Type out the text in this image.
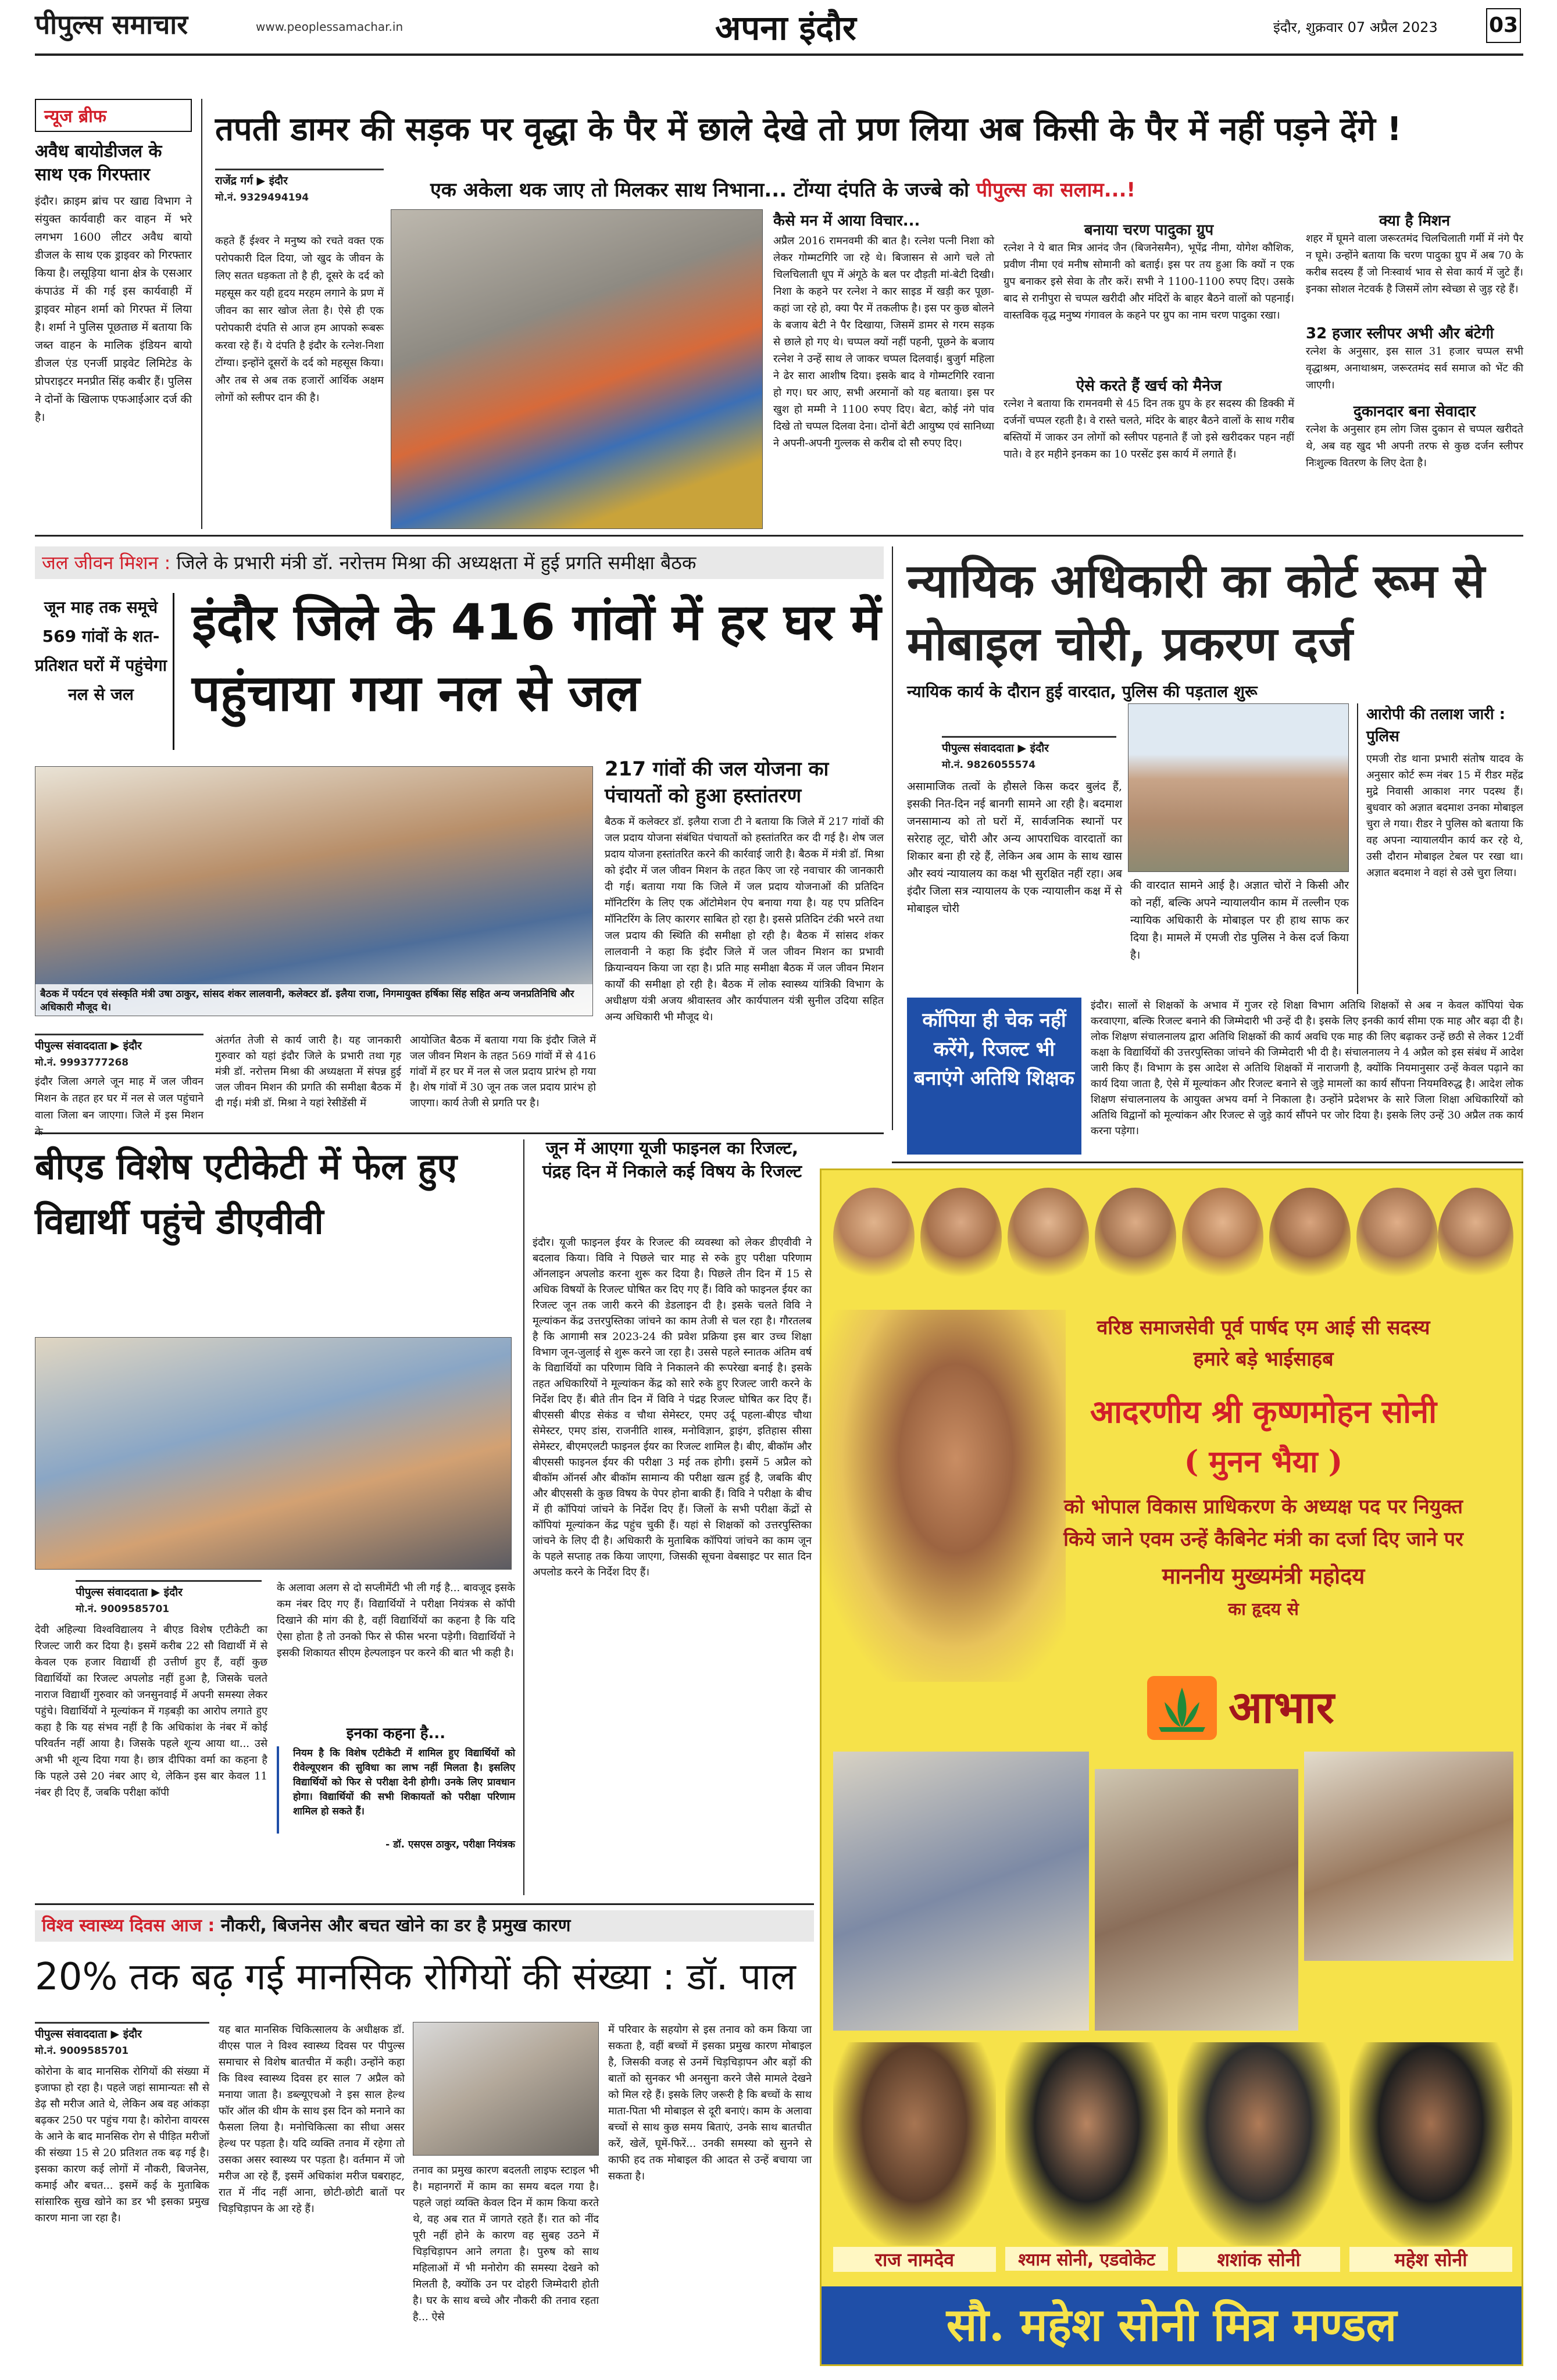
पीपुल्स समाचार	www.peoplessamachar.in	अपना इंदौर	इंदौर, शुक्रवार 07 अप्रैल 2023 03
न्यूज ब्रीफ
अवैध बायोडीजल के साथ एक गिरफ्तार
इंदौर। क्राइम ब्रांच पर खाद्य विभाग ने संयुक्त कार्यवाही कर वाहन में भरे लगभग 1600 लीटर अवैध बायो डीजल के साथ एक ड्राइवर को गिरफ्तार किया है। लसूड़िया थाना क्षेत्र के एसआर कंपाउंड में की गई इस कार्यवाही में ड्राइवर मोहन शर्मा को गिरफ्त में लिया है। शर्मा ने पुलिस पूछताछ में बताया कि जब्त वाहन के मालिक इंडियन बायो डीजल एंड एनर्जी प्राइवेट लिमिटेड के प्रोपराइटर मनप्रीत सिंह कबीर हैं। पुलिस ने दोनों के खिलाफ एफआईआर दर्ज की है।
तपती डामर की सड़क पर वृद्धा के पैर में छाले देखे तो प्रण लिया अब किसी के पैर में नहीं पड़ने देंगे !
राजेंद्र गर्ग ▶ इंदौर
मो.नं. 9329494194	एक अकेला थक जाए तो मिलकर साथ निभाना... टोंग्या दंपति के जज्बे को पीपुल्स का सलाम...!
कहते हैं ईश्वर ने मनुष्य को रचते वक्त एक परोपकारी दिल दिया, जो खुद के जीवन के लिए सतत धड़कता तो है ही, दूसरे के दर्द को महसूस कर यही हृदय मरहम लगाने के प्रण में जीवन का सार खोज लेता है। ऐसे ही एक परोपकारी दंपति से आज हम आपको रूबरू करवा रहे हैं। ये दंपति है इंदौर के रत्नेश-निशा टोंग्या। इन्होंने दूसरों के दर्द को महसूस किया। और तब से अब तक हजारों आर्थिक अक्षम लोगों को स्लीपर दान की है।
कैसे मन में आया विचार...
अप्रैल 2016 रामनवमी की बात है। रत्नेश पत्नी निशा को लेकर गोम्मटगिरि जा रहे थे। बिजासन से आगे चले तो चिलचिलाती धूप में अंगूठे के बल पर दौड़ती मां-बेटी दिखी। निशा के कहने पर रत्नेश ने कार साइड में खड़ी कर पूछा-कहां जा रहे हो, क्या पैर में तकलीफ है। इस पर कुछ बोलने के बजाय बेटी ने पैर दिखाया, जिसमें डामर से गरम सड़क से छाले हो गए थे। चप्पल क्यों नहीं पहनी, पूछने के बजाय रत्नेश ने उन्हें साथ ले जाकर चप्पल दिलवाई। बुजुर्ग महिला ने ढेर सारा आशीष दिया। इसके बाद वे गोम्मटगिरि रवाना हो गए। घर आए, सभी अरमानों को यह बताया। इस पर खुश हो मम्मी ने 1100 रुपए दिए। बेटा, कोई नंगे पांव दिखे तो चप्पल दिलवा देना। दोनों बेटी आयुष्य एवं सानिध्या ने अपनी-अपनी गुल्लक से करीब दो सौ रुपए दिए।
बनाया चरण पादुका ग्रुप
रत्नेश ने ये बात मित्र आनंद जैन (बिजनेसमैन), भूपेंद्र नीमा, योगेश कौशिक, प्रवीण नीमा एवं मनीष सोमानी को बताई। इस पर तय हुआ कि क्यों न एक ग्रुप बनाकर इसे सेवा के तौर करें। सभी ने 1100-1100 रुपए दिए। उसके बाद से रानीपुरा से चप्पल खरीदी और मंदिरों के बाहर बैठने वालों को पहनाई। वास्तविक वृद्ध मनुष्य गंगावल के कहने पर ग्रुप का नाम चरण पादुका रखा।
ऐसे करते हैं खर्च को मैनेज
रत्नेश ने बताया कि रामनवमी से 45 दिन तक ग्रुप के हर सदस्य की डिक्की में दर्जनों चप्पल रहती है। वे रास्ते चलते, मंदिर के बाहर बैठने वालों के साथ गरीब बस्तियों में जाकर उन लोगों को स्लीपर पहनाते हैं जो इसे खरीदकर पहन नहीं पाते। वे हर महीने इनकम का 10 परसेंट इस कार्य में लगाते हैं।
क्या है मिशन
शहर में घूमने वाला जरूरतमंद चिलचिलाती गर्मी में नंगे पैर न घूमे। उन्होंने बताया कि चरण पादुका ग्रुप में अब 70 के करीब सदस्य हैं जो निःस्वार्थ भाव से सेवा कार्य में जुटे हैं। इनका सोशल नेटवर्क है जिसमें लोग स्वेच्छा से जुड़ रहे हैं।
32 हजार स्लीपर अभी और बंटेगी
रत्नेश के अनुसार, इस साल 31 हजार चप्पल सभी वृद्धाश्रम, अनाथाश्रम, जरूरतमंद सर्व समाज को भेंट की जाएगी।
दुकानदार बना सेवादार
रत्नेश के अनुसार हम लोग जिस दुकान से चप्पल खरीदते थे, अब वह खुद भी अपनी तरफ से कुछ दर्जन स्लीपर निःशुल्क वितरण के लिए देता है।
जल जीवन मिशन : जिले के प्रभारी मंत्री डॉ. नरोत्तम मिश्रा की अध्यक्षता में हुई प्रगति समीक्षा बैठक
जून माह तक समूचे 569 गांवों के शत-प्रतिशत घरों में पहुंचेगा नल से जल
इंदौर जिले के 416 गांवों में हर घर में पहुंचाया गया नल से जल
बैठक में पर्यटन एवं संस्कृति मंत्री उषा ठाकुर, सांसद शंकर लालवानी, कलेक्टर डॉ. इलैया राजा, निगमायुक्त हर्षिका सिंह सहित अन्य जनप्रतिनिधि और अधिकारी मौजूद थे।
217 गांवों की जल योजना का पंचायतों को हुआ हस्तांतरण
बैठक में कलेक्टर डॉ. इलैया राजा टी ने बताया कि जिले में 217 गांवों की जल प्रदाय योजना संबंधित पंचायतों को हस्तांतरित कर दी गई है। शेष जल प्रदाय योजना हस्तांतरित करने की कार्रवाई जारी है। बैठक में मंत्री डॉ. मिश्रा को इंदौर में जल जीवन मिशन के तहत किए जा रहे नवाचार की जानकारी दी गई। बताया गया कि जिले में जल प्रदाय योजनाओं की प्रतिदिन मॉनिटरिंग के लिए एक ऑटोमेशन ऐप बनाया गया है। यह एप प्रतिदिन मॉनिटरिंग के लिए कारगर साबित हो रहा है। इससे प्रतिदिन टंकी भरने तथा जल प्रदाय की स्थिति की समीक्षा हो रही है। बैठक में सांसद शंकर लालवानी ने कहा कि इंदौर जिले में जल जीवन मिशन का प्रभावी क्रियान्वयन किया जा रहा है। प्रति माह समीक्षा बैठक में जल जीवन मिशन कार्यों की समीक्षा हो रही है। बैठक में लोक स्वास्थ्य यांत्रिकी विभाग के अधीक्षण यंत्री अजय श्रीवास्तव और कार्यपालन यंत्री सुनील उदिया सहित अन्य अधिकारी भी मौजूद थे।
पीपुल्स संवाददाता ▶ इंदौर
मो.नं. 9993777268
इंदौर जिला अगले जून माह में जल जीवन मिशन के तहत हर घर में नल से जल पहुंचाने वाला जिला बन जाएगा। जिले में इस मिशन
अंतर्गत तेजी से कार्य जारी है। यह जानकारी गुरुवार को यहां इंदौर जिले के प्रभारी तथा गृह मंत्री डॉ. नरोत्तम मिश्रा की अध्यक्षता में संपन्न हुई जल जीवन मिशन की प्रगति की समीक्षा बैठक में दी गई। मंत्री डॉ. मिश्रा ने यहां रेसीडेंसी में
आयोजित बैठक में बताया गया कि इंदौर जिले में जल जीवन मिशन के तहत 569 गांवों में से 416 गांवों में हर घर में नल से जल प्रदाय प्रारंभ हो गया है। शेष गांवों में 30 जून तक जल प्रदाय प्रारंभ हो जाएगा। कार्य तेजी से प्रगति पर है।
न्यायिक अधिकारी का कोर्ट रूम से मोबाइल चोरी, प्रकरण दर्ज
न्यायिक कार्य के दौरान हुई वारदात, पुलिस की पड़ताल शुरू
पीपुल्स संवाददाता ▶ इंदौर
मो.नं. 9826055574
असामाजिक तत्वों के हौसले किस कदर बुलंद हैं, इसकी नित-दिन नई बानगी सामने आ रही है। बदमाश जनसामान्य को तो घरों में, सार्वजनिक स्थानों पर सरेराह लूट, चोरी और अन्य आपराधिक वारदातों का शिकार बना ही रहे हैं, लेकिन अब आम के साथ खास और स्वयं न्यायालय का कक्ष भी सुरक्षित नहीं रहा। अब इंदौर जिला सत्र न्यायालय के एक न्यायालीन कक्ष में से मोबाइल चोरी
की वारदात सामने आई है। अज्ञात चोरों ने किसी और को नहीं, बल्कि अपने न्यायालयीन काम में तल्लीन एक न्यायिक अधिकारी के मोबाइल पर ही हाथ साफ कर दिया है। मामले में एमजी रोड पुलिस ने केस दर्ज किया है।
आरोपी की तलाश जारी : पुलिस
एमजी रोड थाना प्रभारी संतोष यादव के अनुसार कोर्ट रूम नंबर 15 में रीडर महेंद्र मुद्रे निवासी आकाश नगर पदस्थ हैं। बुधवार को अज्ञात बदमाश उनका मोबाइल चुरा ले गया। रीडर ने पुलिस को बताया कि वह अपना न्यायालयीन कार्य कर रहे थे, उसी दौरान मोबाइल टेबल पर रखा था। अज्ञात बदमाश ने वहां से उसे चुरा लिया।
कॉपिया ही चेक नहीं करेंगे, रिजल्ट भी बनाएंगे अतिथि शिक्षक
इंदौर। सालों से शिक्षकों के अभाव में गुजर रहे शिक्षा विभाग अतिथि शिक्षकों से अब न केवल कॉपियां चेक करवाएगा, बल्कि रिजल्ट बनाने की जिम्मेदारी भी उन्हें दी है। इसके लिए इनकी कार्य सीमा एक माह और बढ़ा दी है। लोक शिक्षण संचालनालय द्वारा अतिथि शिक्षकों की कार्य अवधि एक माह की लिए बढ़ाकर उन्हें छठी से लेकर 12वीं कक्षा के विद्यार्थियों की उत्तरपुस्तिका जांचने की जिम्मेदारी भी दी है। संचालनालय ने 4 अप्रैल को इस संबंध में आदेश जारी किए हैं। विभाग के इस आदेश से अतिथि शिक्षकों में नाराजगी है, क्योंकि नियमानुसार उन्हें केवल पढ़ाने का कार्य दिया जाता है, ऐसे में मूल्यांकन और रिजल्ट बनाने से जुड़े मामलों का कार्य सौंपना नियमविरुद्ध है। आदेश लोक शिक्षण संचालनालय के आयुक्त अभय वर्मा ने निकाला है। उन्होंने प्रदेशभर के सारे जिला शिक्षा अधिकारियों को अतिथि विद्वानों को मूल्यांकन और रिजल्ट से जुड़े कार्य सौंपने पर जोर दिया है। इसके लिए उन्हें 30 अप्रैल तक कार्य करना पड़ेगा।
बीएड विशेष एटीकेटी में फेल हुए विद्यार्थी पहुंचे डीएवीवी
पीपुल्स संवाददाता ▶ इंदौर
मो.नं. 9009585701
देवी अहिल्या विश्वविद्यालय ने बीएड विशेष एटीकेटी का रिजल्ट जारी कर दिया है। इसमें करीब 22 सौ विद्यार्थी में से केवल एक हजार विद्यार्थी ही उत्तीर्ण हुए हैं, वहीं कुछ विद्यार्थियों का रिजल्ट अपलोड नहीं हुआ है, जिसके चलते नाराज विद्यार्थी गुरुवार को जनसुनवाई में अपनी समस्या लेकर पहुंचे। विद्यार्थियों ने मूल्यांकन में गड़बड़ी का आरोप लगाते हुए कहा है कि यह संभव नहीं है कि अधिकांश के नंबर में कोई परिवर्तन नहीं आया है। जिसके पहले शून्य आया था... उसे अभी भी शून्य दिया गया है। छात्र दीपिका वर्मा का कहना है कि पहले उसे 20 नंबर आए थे, लेकिन इस बार केवल 11 नंबर ही दिए हैं, जबकि परीक्षा कॉपी
के अलावा अलग से दो सप्लीमेंटी भी ली गई है... बावजूद इसके कम नंबर दिए गए हैं। विद्यार्थियों ने परीक्षा नियंत्रक से कॉपी दिखाने की मांग की है, वहीं विद्यार्थियों का कहना है कि यदि ऐसा होता है तो उनको फिर से फीस भरना पड़ेगी। विद्यार्थियों ने इसकी शिकायत सीएम हेल्पलाइन पर करने की बात भी कही है।
इनका कहना है...
नियम है कि विशेष एटीकेटी में शामिल हुए विद्यार्थियों को रीवेल्यूएशन की सुविधा का लाभ नहीं मिलता है। इसलिए विद्यार्थियों को फिर से परीक्षा देनी होगी। उनके लिए प्रावधान होगा। विद्यार्थियों की सभी शिकायतों को परीक्षा परिणाम शामिल हो सकते हैं।
- डॉ. एसएस ठाकुर, परीक्षा नियंत्रक
जून में आएगा यूजी फाइनल का रिजल्ट, पंद्रह दिन में निकाले कई विषय के रिजल्ट
इंदौर। यूजी फाइनल ईयर के रिजल्ट की व्यवस्था को लेकर डीएवीवी ने बदलाव किया। विवि ने पिछले चार माह से रुके हुए परीक्षा परिणाम ऑनलाइन अपलोड करना शुरू कर दिया है। पिछले तीन दिन में 15 से अधिक विषयों के रिजल्ट घोषित कर दिए गए हैं। विवि को फाइनल ईयर का रिजल्ट जून तक जारी करने की डेडलाइन दी है। इसके चलते विवि ने मूल्यांकन केंद्र उत्तरपुस्तिका जांचने का काम तेजी से चल रहा है। गौरतलब है कि आगामी सत्र 2023-24 की प्रवेश प्रक्रिया इस बार उच्च शिक्षा विभाग जून-जुलाई से शुरू करने जा रहा है। उससे पहले स्नातक अंतिम वर्ष के विद्यार्थियों का परिणाम विवि ने निकालने की रूपरेखा बनाई है। इसके तहत अधिकारियों ने मूल्यांकन केंद्र को सारे रुके हुए रिजल्ट जारी करने के निर्देश दिए हैं। बीते तीन दिन में विवि ने पंद्रह रिजल्ट घोषित कर दिए हैं। बीएससी बीएड सेकंड व चौथा सेमेस्टर, एमए उर्दू पहला-बीएड चौथा सेमेस्टर, एमए डांस, राजनीति शास्त्र, मनोविज्ञान, ड्राइंग, इतिहास सीसा सेमेस्टर, बीएमएलटी फाइनल ईयर का रिजल्ट शामिल है। बीए, बीकॉम और बीएससी फाइनल ईयर की परीक्षा 3 मई तक होगी। इसमें 5 अप्रैल को बीकॉम ऑनर्स और बीकॉम सामान्य की परीक्षा खत्म हुई है, जबकि बीए और बीएससी के कुछ विषय के पेपर होना बाकी हैं। विवि ने परीक्षा के बीच में ही कॉपियां जांचने के निर्देश दिए हैं। जिलों के सभी परीक्षा केंद्रों से कॉपियां मूल्यांकन केंद्र पहुंच चुकी हैं। यहां से शिक्षकों को उत्तरपुस्तिका जांचने के लिए दी है। अधिकारी के मुताबिक कॉपियां जांचने का काम जून के पहले सप्ताह तक किया जाएगा, जिसकी सूचना वेबसाइट पर सात दिन अपलोड करने के निर्देश दिए हैं।
वरिष्ठ समाजसेवी पूर्व पार्षद एम आई सी सदस्य
हमारे बड़े भाईसाहब
आदरणीय श्री कृष्णमोहन सोनी
( मुनन भैया )
को भोपाल विकास प्राधिकरण के अध्यक्ष पद पर नियुक्त किये जाने एवम उन्हें कैबिनेट मंत्री का दर्जा दिए जाने पर
माननीय मुख्यमंत्री महोदय
का हृदय से
आभार
राज नामदेव	श्याम सोनी, एडवोकेट	शशांक सोनी	महेश सोनी
सौ. महेश सोनी मित्र मण्डल
विश्व स्वास्थ्य दिवस आज : नौकरी, बिजनेस और बचत खोने का डर है प्रमुख कारण
20% तक बढ़ गई मानसिक रोगियों की संख्या : डॉ. पाल
पीपुल्स संवाददाता ▶ इंदौर
मो.नं. 9009585701
कोरोना के बाद मानसिक रोगियों की संख्या में इजाफा हो रहा है। पहले जहां सामान्यतः सौ से डेढ़ सौ मरीज आते थे, लेकिन अब वह आंकड़ा बढ़कर 250 पर पहुंच गया है। कोरोना वायरस के आने के बाद मानसिक रोग से पीड़ित मरीजों की संख्या 15 से 20 प्रतिशत तक बढ़ गई है। इसका कारण कई लोगों में नौकरी, बिजनेस, कमाई और बचत... इसमें कई के मुताबिक सांसारिक सुख खोने का डर भी इसका प्रमुख कारण माना जा रहा है।
यह बात मानसिक चिकित्सालय के अधीक्षक डॉ. वीएस पाल ने विश्व स्वास्थ्य दिवस पर पीपुल्स समाचार से विशेष बातचीत में कही। उन्होंने कहा कि विश्व स्वास्थ्य दिवस हर साल 7 अप्रैल को मनाया जाता है। डब्ल्यूएचओ ने इस साल हेल्थ फॉर ऑल की थीम के साथ इस दिन को मनाने का फैसला लिया है। मनोचिकित्सा का सीधा असर हेल्थ पर पड़ता है। यदि व्यक्ति तनाव में रहेगा तो उसका असर स्वास्थ्य पर पड़ता है। वर्तमान में जो मरीज आ रहे हैं, इसमें अधिकांश मरीज घबराहट, रात में नींद नहीं आना, छोटी-छोटी बातों पर चिड़चिड़ापन के आ रहे हैं।
तनाव का प्रमुख कारण बदलती लाइफ स्टाइल भी है। महानगरों में काम का समय बदल गया है। पहले जहां व्यक्ति केवल दिन में काम किया करते थे, वह अब रात में जागते रहते हैं। रात को नींद पूरी नहीं होने के कारण वह सुबह उठने में चिड़चिड़ापन आने लगता है। पुरुष को साथ महिलाओं में भी मनोरोग की समस्या देखने को मिलती है, क्योंकि उन पर दोहरी जिम्मेदारी होती है। घर के साथ बच्चे और नौकरी की तनाव रहता है... ऐसे
में परिवार के सहयोग से इस तनाव को कम किया जा सकता है, वहीं बच्चों में इसका प्रमुख कारण मोबाइल है, जिसकी वजह से उनमें चिड़चिड़ापन और बड़ों की बातों को सुनकर भी अनसुना करने जैसे मामले देखने को मिल रहे हैं। इसके लिए जरूरी है कि बच्चों के साथ माता-पिता भी मोबाइल से दूरी बनाएं। काम के अलावा बच्चों से साथ कुछ समय बिताएं, उनके साथ बातचीत करें, खेलें, घूमें-फिरें... उनकी समस्या को सुनने से काफी हद तक मोबाइल की आदत से उन्हें बचाया जा सकता है।
